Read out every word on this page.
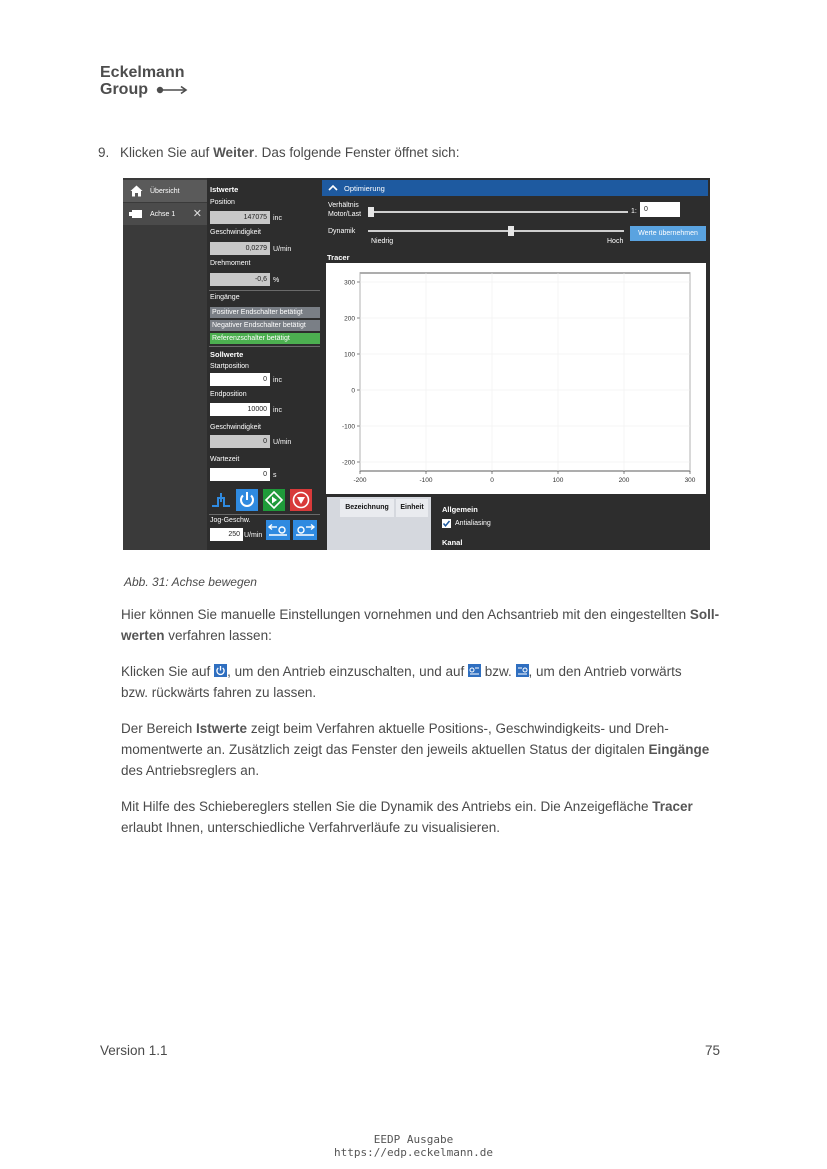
Eckelmann
Group
9. Klicken Sie auf Weiter. Das folgende Fenster öffnet sich:
Übersicht
Achse 1 ✕
Istwerte
Position
147075 inc
Geschwindigkeit
0,0279 U/min
Drehmoment
-0,6 %
Eingänge
Positiver Endschalter betätigt
Negativer Endschalter betätigt
Referenzschalter betätigt
Sollwerte
Startposition
0 inc
Endposition
10000 inc
Geschwindigkeit
0 U/min
Wartezeit
0 s
Jog-Geschw.
250 U/min
Optimierung
Verhältnis
Motor/Last	1:	0
Dynamik
Niedrig	Hoch
Werte übernehmen
Tracer
300
200
100
0
-100
-200
-200	-100	0	100	200	300
Bezeichnung	Einheit	Allgemein
Antialiasing
Kanal
Abb. 31: Achse bewegen
Hier können Sie manuelle Einstellungen vornehmen und den Achsantrieb mit den eingestellten Soll-
werten verfahren lassen:
Klicken Sie auf , um den Antrieb einzuschalten, und auf  bzw. , um den Antrieb vorwärts
bzw. rückwärts fahren zu lassen.
Der Bereich Istwerte zeigt beim Verfahren aktuelle Positions-, Geschwindigkeits- und Dreh-
momentwerte an. Zusätzlich zeigt das Fenster den jeweils aktuellen Status der digitalen Eingänge
des Antriebsreglers an.
Mit Hilfe des Schiebereglers stellen Sie die Dynamik des Antriebs ein. Die Anzeigefläche Tracer
erlaubt Ihnen, unterschiedliche Verfahrverläufe zu visualisieren.
Version 1.1	75
EEDP Ausgabe
https://edp.eckelmann.de
